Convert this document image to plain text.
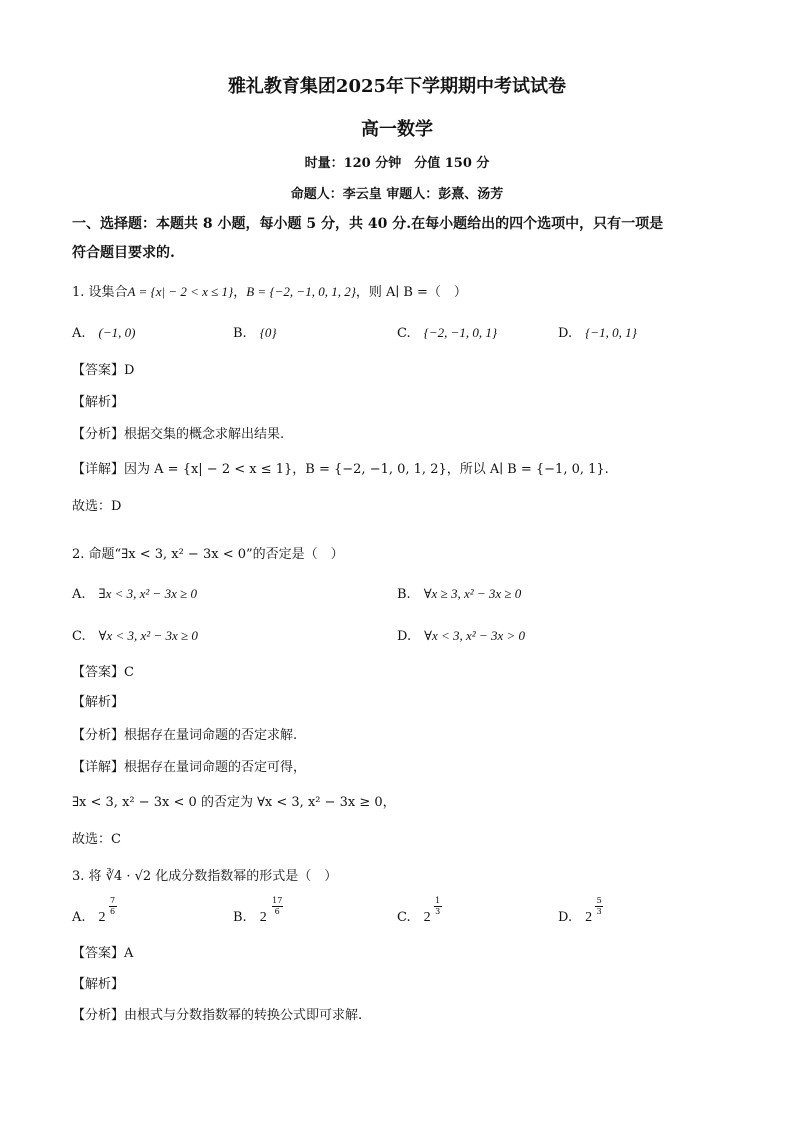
雅礼教育集团2025年下学期期中考试试卷
高一数学
时量：120 分钟　分值 150 分
命题人：李云皇 审题人：彭熹、汤芳
一、选择题：本题共 8 小题，每小题 5 分，共 40 分.在每小题给出的四个选项中，只有一项是
符合题目要求的.
1. 设集合A = {x| − 2 < x ≤ 1}，B = {−2, −1, 0, 1, 2}，则 A∣ B =（　）
A.　 (−1, 0)	B.　 {0}	C.　 {−2, −1, 0, 1}	D.　 {−1, 0, 1}
【答案】D
【解析】
【分析】根据交集的概念求解出结果.
【详解】因为 A = {x| − 2 < x ≤ 1}，B = {−2, −1, 0, 1, 2}，所以 A∣ B = {−1, 0, 1}.
故选：D
2. 命题“∃x < 3, x² − 3x < 0”的否定是（　）
A.　 ∃x < 3, x² − 3x ≥ 0	B.　 ∀x ≥ 3, x² − 3x ≥ 0
C.　 ∀x < 3, x² − 3x ≥ 0	D.　 ∀x < 3, x² − 3x > 0
【答案】C
【解析】
【分析】根据存在量词命题的否定求解.
【详解】根据存在量词命题的否定可得，
∃x < 3, x² − 3x < 0 的否定为 ∀x < 3, x² − 3x ≥ 0，
故选：C
3. 将 ∛4 · √2 化成分数指数幂的形式是（　）
A.　 2
7
6	B.　 2
17
6	C.　 2
1
3	D.　 2
5
3
【答案】A
【解析】
【分析】由根式与分数指数幂的转换公式即可求解.
